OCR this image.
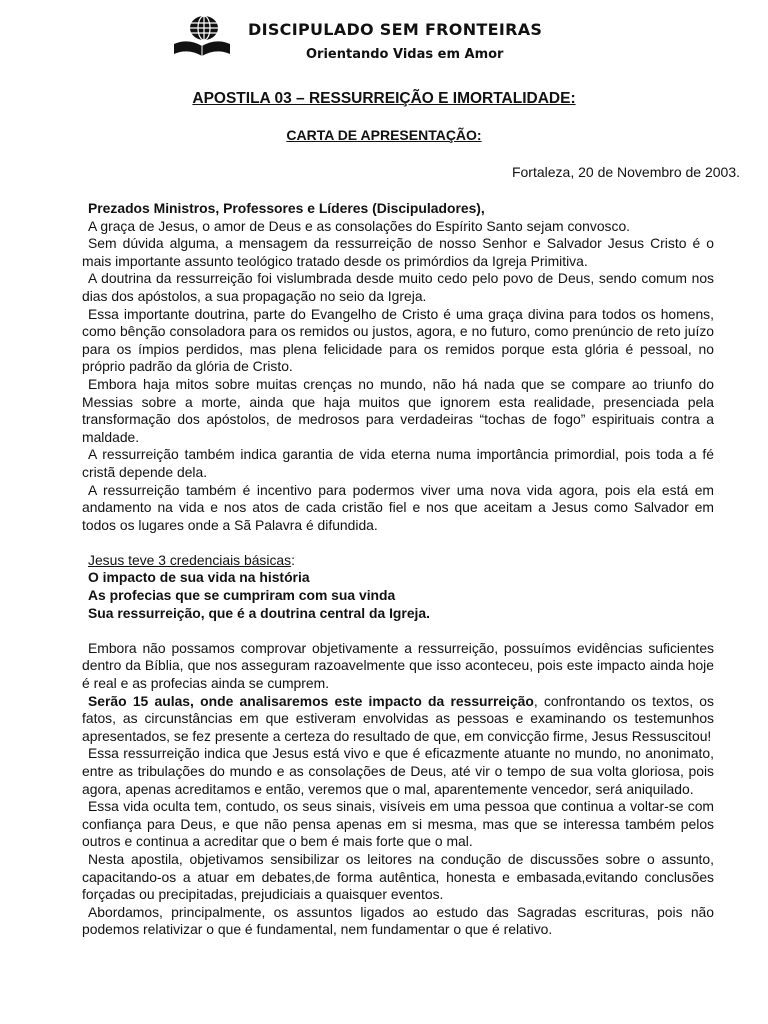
DISCIPULADO SEM FRONTEIRAS
Orientando Vidas em Amor
APOSTILA 03 – RESSURREIÇÃO E IMORTALIDADE:
CARTA DE APRESENTAÇÃO:
Fortaleza, 20 de Novembro de 2003.

Prezados Ministros, Professores e Líderes (Discipuladores),

A graça de Jesus, o amor de Deus e as consolações do Espírito Santo sejam convosco.

Sem dúvida alguma, a mensagem da ressurreição de nosso Senhor e Salvador Jesus Cristo é o mais importante assunto teológico tratado desde os primórdios da Igreja Primitiva.

A doutrina da ressurreição foi vislumbrada desde muito cedo pelo povo de Deus, sendo comum nos dias dos apóstolos, a sua propagação no seio da Igreja.

Essa importante doutrina, parte do Evangelho de Cristo é uma graça divina para todos os homens, como bênção consoladora para os remidos ou justos, agora, e no futuro, como prenúncio de reto juízo para os ímpios perdidos, mas plena felicidade para os remidos porque esta glória é pessoal, no próprio padrão da glória de Cristo.

Embora haja mitos sobre muitas crenças no mundo, não há nada que se compare ao triunfo do Messias sobre a morte, ainda que haja muitos que ignorem esta realidade, presenciada pela transformação dos apóstolos, de medrosos para verdadeiras “tochas de fogo” espirituais contra a maldade.

A ressurreição também indica garantia de vida eterna numa importância primordial, pois toda a fé cristã depende dela.

A ressurreição também é incentivo para podermos viver uma nova vida agora, pois ela está em andamento na vida e nos atos de cada cristão fiel e nos que aceitam a Jesus como Salvador em todos os lugares onde a Sã Palavra é difundida.

Jesus teve 3 credenciais básicas:

O impacto de sua vida na história

As profecias que se cumpriram com sua vinda

Sua ressurreição, que é a doutrina central da Igreja.

Embora não possamos comprovar objetivamente a ressurreição, possuímos evidências suficientes dentro da Bíblia, que nos asseguram razoavelmente que isso aconteceu, pois este impacto ainda hoje é real e as profecias ainda se cumprem.

Serão 15 aulas, onde analisaremos este impacto da ressurreição, confrontando os textos, os fatos, as circunstâncias em que estiveram envolvidas as pessoas e examinando os testemunhos apresentados, se fez presente a certeza do resultado de que, em convicção firme, Jesus Ressuscitou!

Essa ressurreição indica que Jesus está vivo e que é eficazmente atuante no mundo, no anonimato, entre as tribulações do mundo e as consolações de Deus, até vir o tempo de sua volta gloriosa, pois agora, apenas acreditamos e então, veremos que o mal, aparentemente vencedor, será aniquilado.

Essa vida oculta tem, contudo, os seus sinais, visíveis em uma pessoa que continua a voltar-se com confiança para Deus, e que não pensa apenas em si mesma, mas que se interessa também pelos outros e continua a acreditar que o bem é mais forte que o mal.

Nesta apostila, objetivamos sensibilizar os leitores na condução de discussões sobre o assunto, capacitando-os a atuar em debates,de forma autêntica, honesta e embasada,evitando conclusões forçadas ou precipitadas, prejudiciais a quaisquer eventos.

Abordamos, principalmente, os assuntos ligados ao estudo das Sagradas escrituras, pois não podemos relativizar o que é fundamental, nem fundamentar o que é relativo.
